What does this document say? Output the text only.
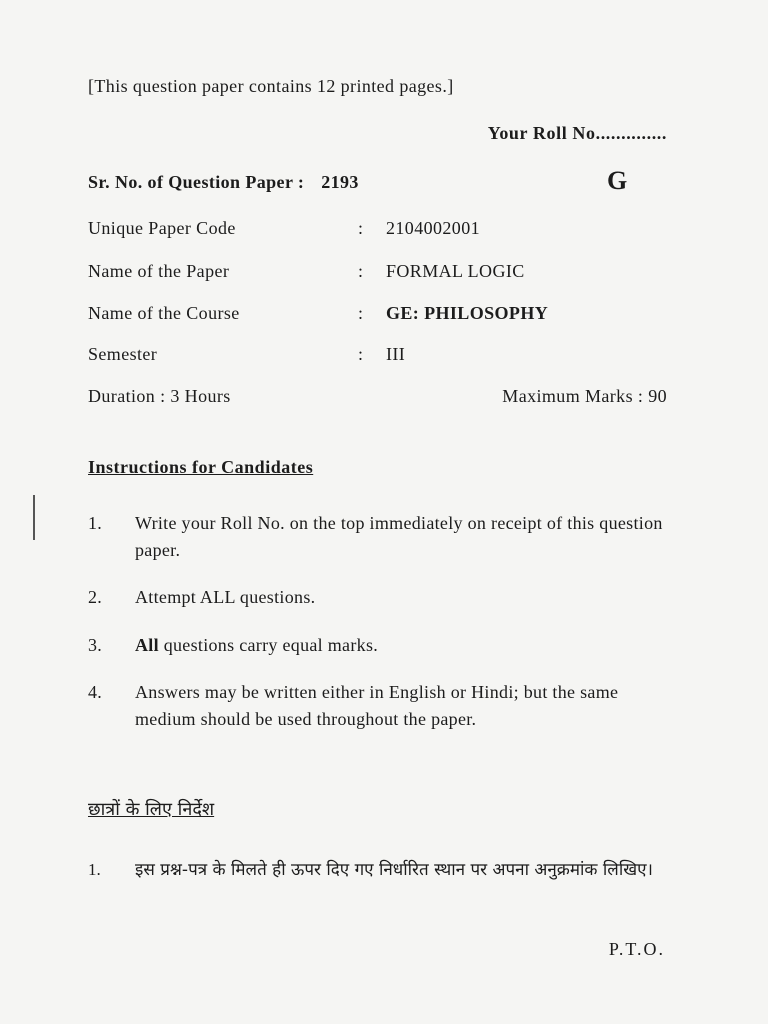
[This question paper contains 12 printed pages.]
Your Roll No..............
Sr. No. of Question Paper : 2193	G
Unique Paper Code	: 2104002001
Name of the Paper	: FORMAL LOGIC
Name of the Course	: GE: PHILOSOPHY
Semester	: III
Duration : 3 Hours	Maximum Marks : 90
Instructions for Candidates
1. Write your Roll No. on the top immediately on receipt of this question paper.
2. Attempt ALL questions.
3. All questions carry equal marks.
4. Answers may be written either in English or Hindi; but the same medium should be used throughout the paper.
छात्रों के लिए निर्देश
1. इस प्रश्न-पत्र के मिलते ही ऊपर दिए गए निर्धारित स्थान पर अपना अनुक्रमांक लिखिए।
P.T.O.
